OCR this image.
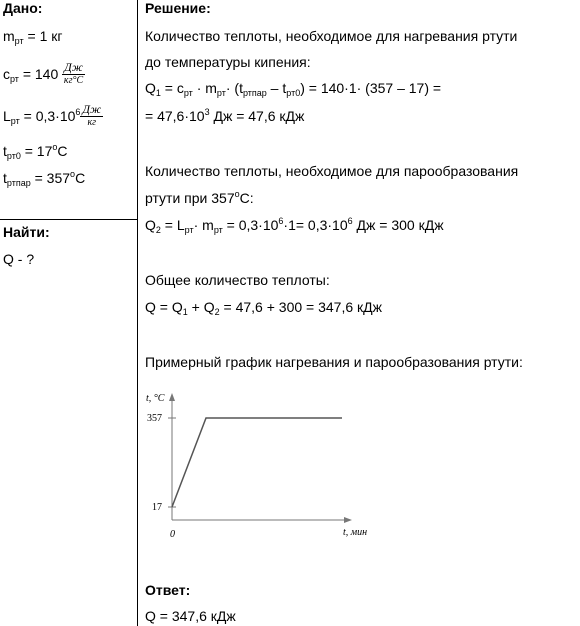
Дано:
$m_{рт} = 1$ кг
$c_{рт} = 140 \frac{Дж}{кг^\circ C}$
$L_{рт} = 0,3\cdot 10^6 \frac{Дж}{кг}$
$t_{рт0} = 17^oC$
$t_{ртпар} = 357^oC$
Найти:
Q - ?
Решение:
Количество теплоты, необходимое для нагревания ртути
до температуры кипения:
$Q_1 = c_{рт} \cdot m_{рт}\cdot (t_{ртпар} - t_{рт0}) = 140\cdot 1\cdot (357 - 17)$ =
= $47,6\cdot 10^3$ Дж = 47,6 кДж
Количество теплоты, необходимое для парообразования
ртути при 357$^o$C:
$Q_2 = L_{рт}\cdot m_{рт} = 0,3\cdot 10^6\cdot 1= 0,3\cdot 10^6$ Дж = 300 кДж
Общее количество теплоты:
$Q = Q_1 + Q_2 = 47,6 + 300 = 347,6$ кДж
Примерный график нагревания и парообразования ртути:
t, °C
t, мин
0
357
17
Ответ:
Q = 347,6 кДж
